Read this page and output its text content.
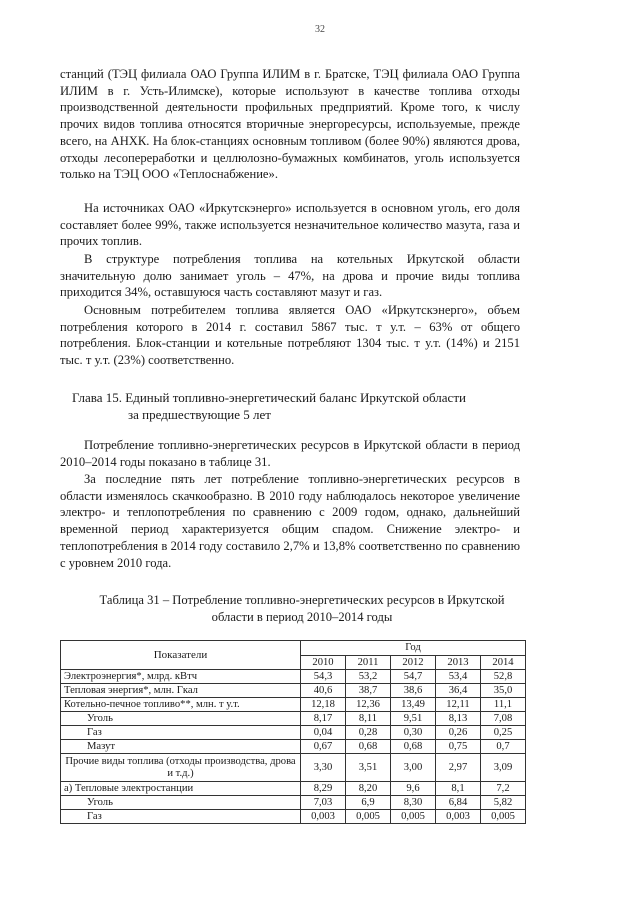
32

станций (ТЭЦ филиала ОАО Группа ИЛИМ в г. Братске, ТЭЦ филиала ОАО Группа ИЛИМ в г. Усть-Илимске), которые используют в качестве топлива отходы производственной деятельности профильных предприятий. Кроме того, к числу прочих видов топлива относятся вторичные энергоресурсы, используемые, прежде всего, на АНХК. На блок-станциях основным топливом (более 90%) являются дрова, отходы лесопереработки и целлюлозно-бумажных комбинатов, уголь используется только на ТЭЦ ООО «Теплоснабжение».

На источниках ОАО «Иркутскэнерго» используется в основном уголь, его доля составляет более 99%, также используется незначительное количество мазута, газа и прочих топлив.

В структуре потребления топлива на котельных Иркутской области значительную долю занимает уголь – 47%, на дрова и прочие виды топлива приходится 34%, оставшуюся часть составляют мазут и газ.

Основным потребителем топлива является ОАО «Иркутскэнерго», объем потребления которого в 2014 г. составил 5867 тыс. т у.т. – 63% от общего потребления. Блок-станции и котельные потребляют 1304 тыс. т у.т. (14%) и 2151 тыс. т у.т. (23%) соответственно.

Глава 15. Единый топливно-энергетический баланс Иркутской области
за предшествующие 5 лет

Потребление топливно-энергетических ресурсов в Иркутской области в период 2010–2014 годы показано в таблице 31.

За последние пять лет потребление топливно-энергетических ресурсов в области изменялось скачкообразно. В 2010 году наблюдалось некоторое увеличение электро- и теплопотребления по сравнению с 2009 годом, однако, дальнейший временной период характеризуется общим спадом. Снижение электро- и теплопотребления в 2014 году составило 2,7% и 13,8% соответственно по сравнению с уровнем 2010 года.

Таблица 31 – Потребление топливно-энергетических ресурсов в Иркутской
области в период 2010–2014 годы
Показатели	Год				
	2010	2011	2012	2013	2014
Электроэнергия*, млрд. кВтч	54,3	53,2	54,7	53,4	52,8
Тепловая энергия*, млн. Гкал	40,6	38,7	38,6	36,4	35,0
Котельно-печное топливо**, млн. т у.т.	12,18	12,36	13,49	12,11	11,1
Уголь	8,17	8,11	9,51	8,13	7,08
Газ	0,04	0,28	0,30	0,26	0,25
Мазут	0,67	0,68	0,68	0,75	0,7
Прочие виды топлива (отходы производства, дрова и т.д.)	3,30	3,51	3,00	2,97	3,09
а) Тепловые электростанции	8,29	8,20	9,6	8,1	7,2
Уголь	7,03	6,9	8,30	6,84	5,82
Газ	0,003	0,005	0,005	0,003	0,005
